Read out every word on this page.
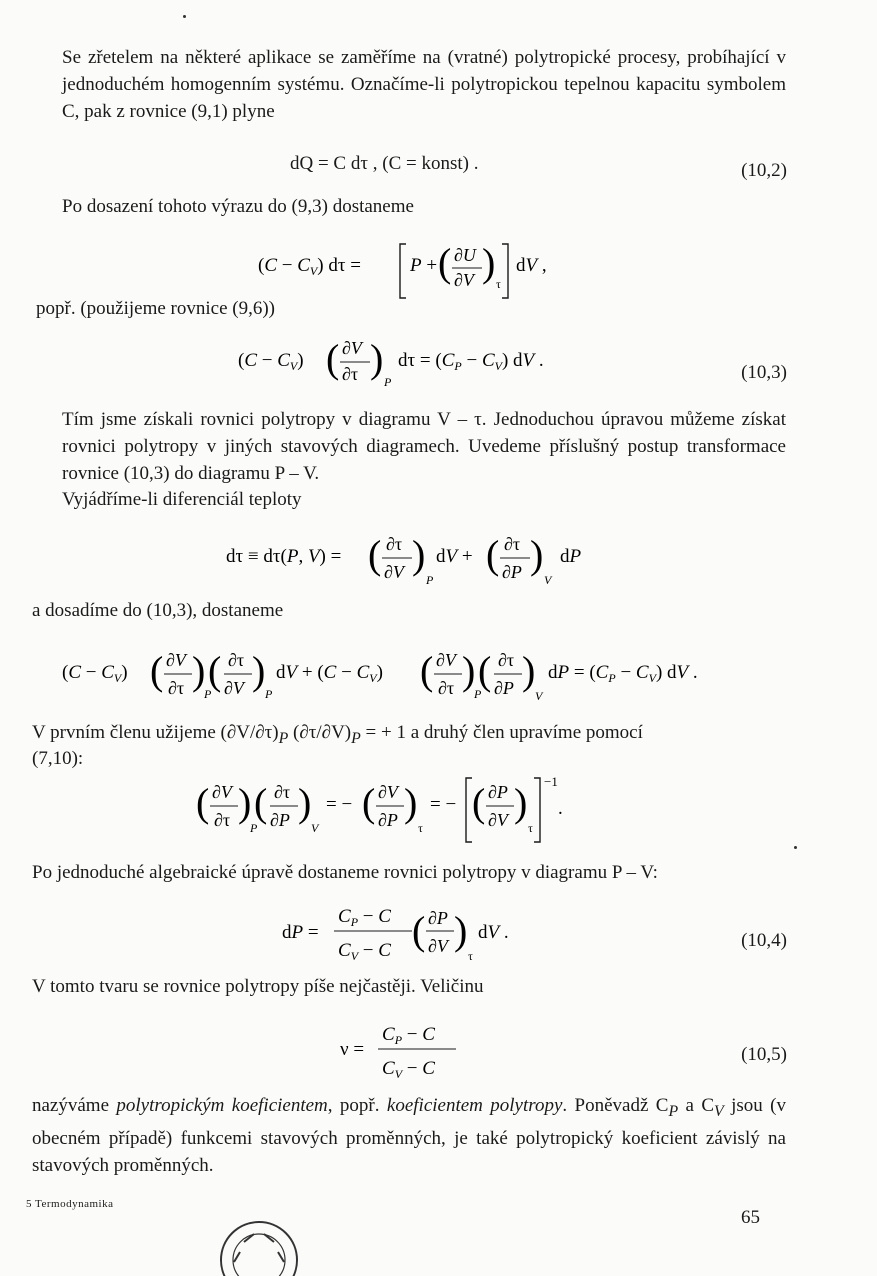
Se zřetelem na některé aplikace se zaměříme na (vratné) polytropické procesy, probíhající v jednoduchém homogenním systému. Označíme-li polytropickou tepelnou kapacitu symbolem C, pak z rovnice (9,1) plyne

dQ = C dτ , (C = konst) .	(10,2)
Po dosazení tohoto výrazu do (9,3) dostaneme
$(C - C_V)$ dτ =	P + ( ∂U
∂V ) τ
dV ,
popř. (použijeme rovnice (9,6))
$(C - C_V)$ ( ∂V
∂τ )
P
$d\tau = (C_P - C_V)$ dV .
(10,3)

Tím jsme získali rovnici polytropy v diagramu V – τ. Jednoduchou úpravou můžeme získat rovnici polytropy v jiných stavových diagramech. Uvedeme příslušný postup transformace rovnice (10,3) do diagramu P – V.

Vyjádříme-li diferenciál teploty
dτ ≡ dτ(P, V) = ( ∂τ
∂V )
P
dV + ( ∂τ
∂P )
V
dP
a dosadíme do (10,3), dostaneme
$(C - C_V)$ ( ∂V
∂τ )
P
( ∂τ
∂V )
P
dV + $(C - C_V)$ ( ∂V
∂τ )
P
( ∂τ
∂P )
V
dP = $(C_P - C_V)$ dV .
V prvním členu užijeme $(\partial V/\partial\tau)_P$ $(\partial\tau/\partial V)_P$ = + 1 a druhý člen upravíme pomocí
(7,10):
( ∂V
∂τ )
P
( ∂τ
∂P )
V
= − ( ∂V
∂P )
τ
= − ( ∂P
∂V )
τ
−1
.
Po jednoduché algebraické úpravě dostaneme rovnici polytropy v diagramu P – V:
dP =
$C_P - C$
$C_V - C$ ( ∂P
∂V )
τ
dV .	(10,4)
V tomto tvaru se rovnice polytropy píše nejčastěji. Veličinu
ν =
$C_P - C$
$C_V - C$
(10,5)

nazýváme polytropickým koeficientem, popř. koeficientem polytropy. Poněvadž $C_P$ a $C_V$ jsou (v obecném případě) funkcemi stavových proměnných, je také polytropický koeficient závislý na stavových proměnných.

5 Termodynamika
65
